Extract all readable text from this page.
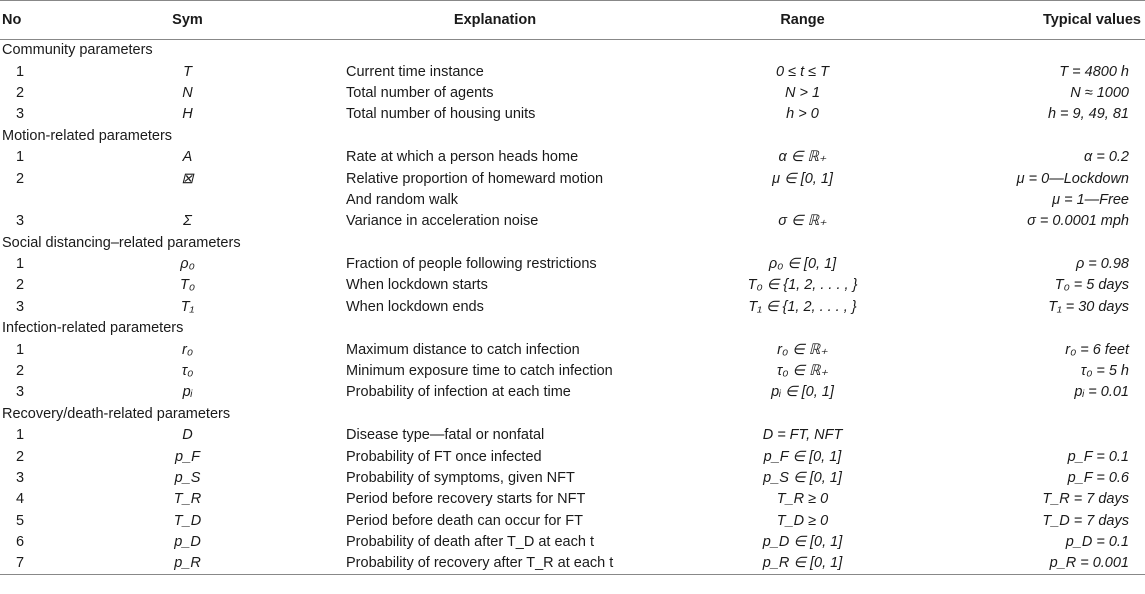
No	Sym	Explanation	Range	Typical values
Community parameters				
1	T	Current time instance	0 ≤ t ≤ T	T = 4800 h
2	N	Total number of agents	N > 1	N ≈ 1000
3	H	Total number of housing units	h > 0	h = 9, 49, 81
Motion-related parameters				
1	A	Rate at which a person heads home	α ∈ ℝ₊	α = 0.2
2	⊠	Relative proportion of homeward motion	μ ∈ [0, 1]	μ = 0—Lockdown
		And random walk		μ = 1—Free
3	Σ	Variance in acceleration noise	σ ∈ ℝ₊	σ = 0.0001 mph
Social distancing–related parameters				
1	ρ₀	Fraction of people following restrictions	ρ₀ ∈ [0, 1]	ρ = 0.98
2	T₀	When lockdown starts	T₀ ∈ {1, 2, . . . , }	T₀ = 5 days
3	T₁	When lockdown ends	T₁ ∈ {1, 2, . . . , }	T₁ = 30 days
Infection-related parameters				
1	r₀	Maximum distance to catch infection	r₀ ∈ ℝ₊	r₀ = 6 feet
2	τ₀	Minimum exposure time to catch infection	τ₀ ∈ ℝ₊	τ₀ = 5 h
3	pᵢ	Probability of infection at each time	pᵢ ∈ [0, 1]	pᵢ = 0.01
Recovery/death-related parameters				
1	D	Disease type—fatal or nonfatal	D = FT, NFT	
2	p_F	Probability of FT once infected	p_F ∈ [0, 1]	p_F = 0.1
3	p_S	Probability of symptoms, given NFT	p_S ∈ [0, 1]	p_F = 0.6
4	T_R	Period before recovery starts for NFT	T_R ≥ 0	T_R = 7 days
5	T_D	Period before death can occur for FT	T_D ≥ 0	T_D = 7 days
6	p_D	Probability of death after T_D at each t	p_D ∈ [0, 1]	p_D = 0.1
7	p_R	Probability of recovery after T_R at each t	p_R ∈ [0, 1]	p_R = 0.001
